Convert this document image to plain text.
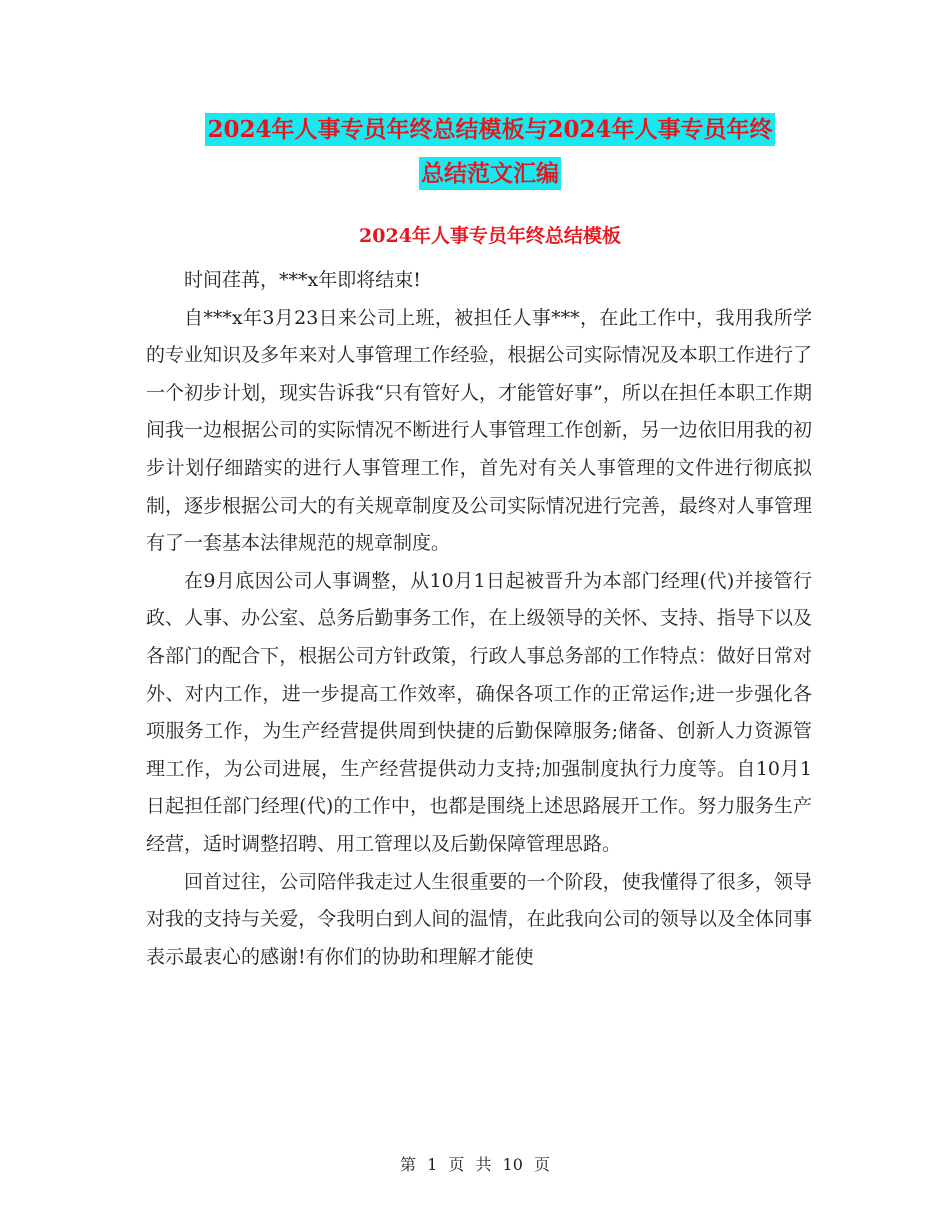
2024年人事专员年终总结模板与2024年人事专员年终
总结范文汇编
2024年人事专员年终总结模板

时间荏苒，***x年即将结束!

自***x年3月23日来公司上班，被担任人事***，在此工作中，我用我所学的专业知识及多年来对人事管理工作经验，根据公司实际情况及本职工作进行了一个初步计划，现实告诉我“只有管好人，才能管好事”，所以在担任本职工作期间我一边根据公司的实际情况不断进行人事管理工作创新，另一边依旧用我的初步计划仔细踏实的进行人事管理工作，首先对有关人事管理的文件进行彻底拟制，逐步根据公司大的有关规章制度及公司实际情况进行完善，最终对人事管理有了一套基本法律规范的规章制度。

在9月底因公司人事调整，从10月1日起被晋升为本部门经理(代)并接管行政、人事、办公室、总务后勤事务工作，在上级领导的关怀、支持、指导下以及各部门的配合下，根据公司方针政策，行政人事总务部的工作特点：做好日常对外、对内工作，进一步提高工作效率，确保各项工作的正常运作;进一步强化各项服务工作，为生产经营提供周到快捷的后勤保障服务;储备、创新人力资源管理工作，为公司进展，生产经营提供动力支持;加强制度执行力度等。自10月1日起担任部门经理(代)的工作中，也都是围绕上述思路展开工作。努力服务生产经营，适时调整招聘、用工管理以及后勤保障管理思路。

回首过往，公司陪伴我走过人生很重要的一个阶段，使我懂得了很多，领导对我的支持与关爱，令我明白到人间的温情，在此我向公司的领导以及全体同事表示最衷心的感谢!有你们的协助和理解才能使

第 1 页 共 10 页
